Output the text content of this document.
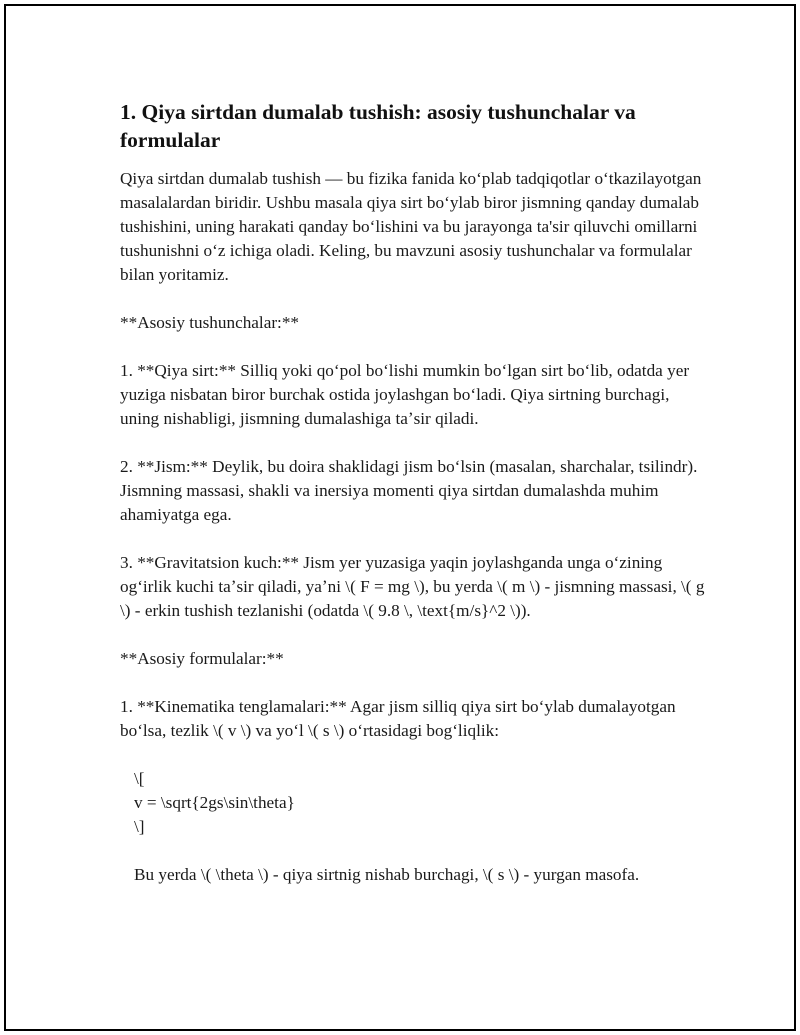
1. Qiya sirtdan dumalab tushish: asosiy tushunchalar va formulalar

Qiya sirtdan dumalab tushish — bu fizika fanida koʻplab tadqiqotlar oʻtkazilayotgan masalalardan biridir. Ushbu masala qiya sirt boʻylab biror jismning qanday dumalab tushishini, uning harakati qanday boʻlishini va bu jarayonga ta'sir qiluvchi omillarni tushunishni oʻz ichiga oladi. Keling, bu mavzuni asosiy tushunchalar va formulalar bilan yoritamiz.

**Asosiy tushunchalar:**

1. **Qiya sirt:** Silliq yoki qoʻpol boʻlishi mumkin boʻlgan sirt boʻlib, odatda yer yuziga nisbatan biror burchak ostida joylashgan boʻladi. Qiya sirtning burchagi, uning nishabligi, jismning dumalashiga taʼsir qiladi.

2. **Jism:** Deylik, bu doira shaklidagi jism boʻlsin (masalan, sharchalar, tsilindr). Jismning massasi, shakli va inersiya momenti qiya sirtdan dumalashda muhim ahamiyatga ega.

3. **Gravitatsion kuch:** Jism yer yuzasiga yaqin joylashganda unga oʻzining ogʻirlik kuchi taʼsir qiladi, yaʼni \( F = mg \), bu yerda \( m \) - jismning massasi, \( g \) - erkin tushish tezlanishi (odatda \( 9.8 \, \text{m/s}^2 \)).

**Asosiy formulalar:**

1. **Kinematika tenglamalari:** Agar jism silliq qiya sirt boʻylab dumalayotgan boʻlsa, tezlik \( v \) va yoʻl \( s \) oʻrtasidagi bogʻliqlik:

\[
v = \sqrt{2gs\sin\theta}
\]

Bu yerda \( \theta \) - qiya sirtnig nishab burchagi, \( s \) - yurgan masofa.
